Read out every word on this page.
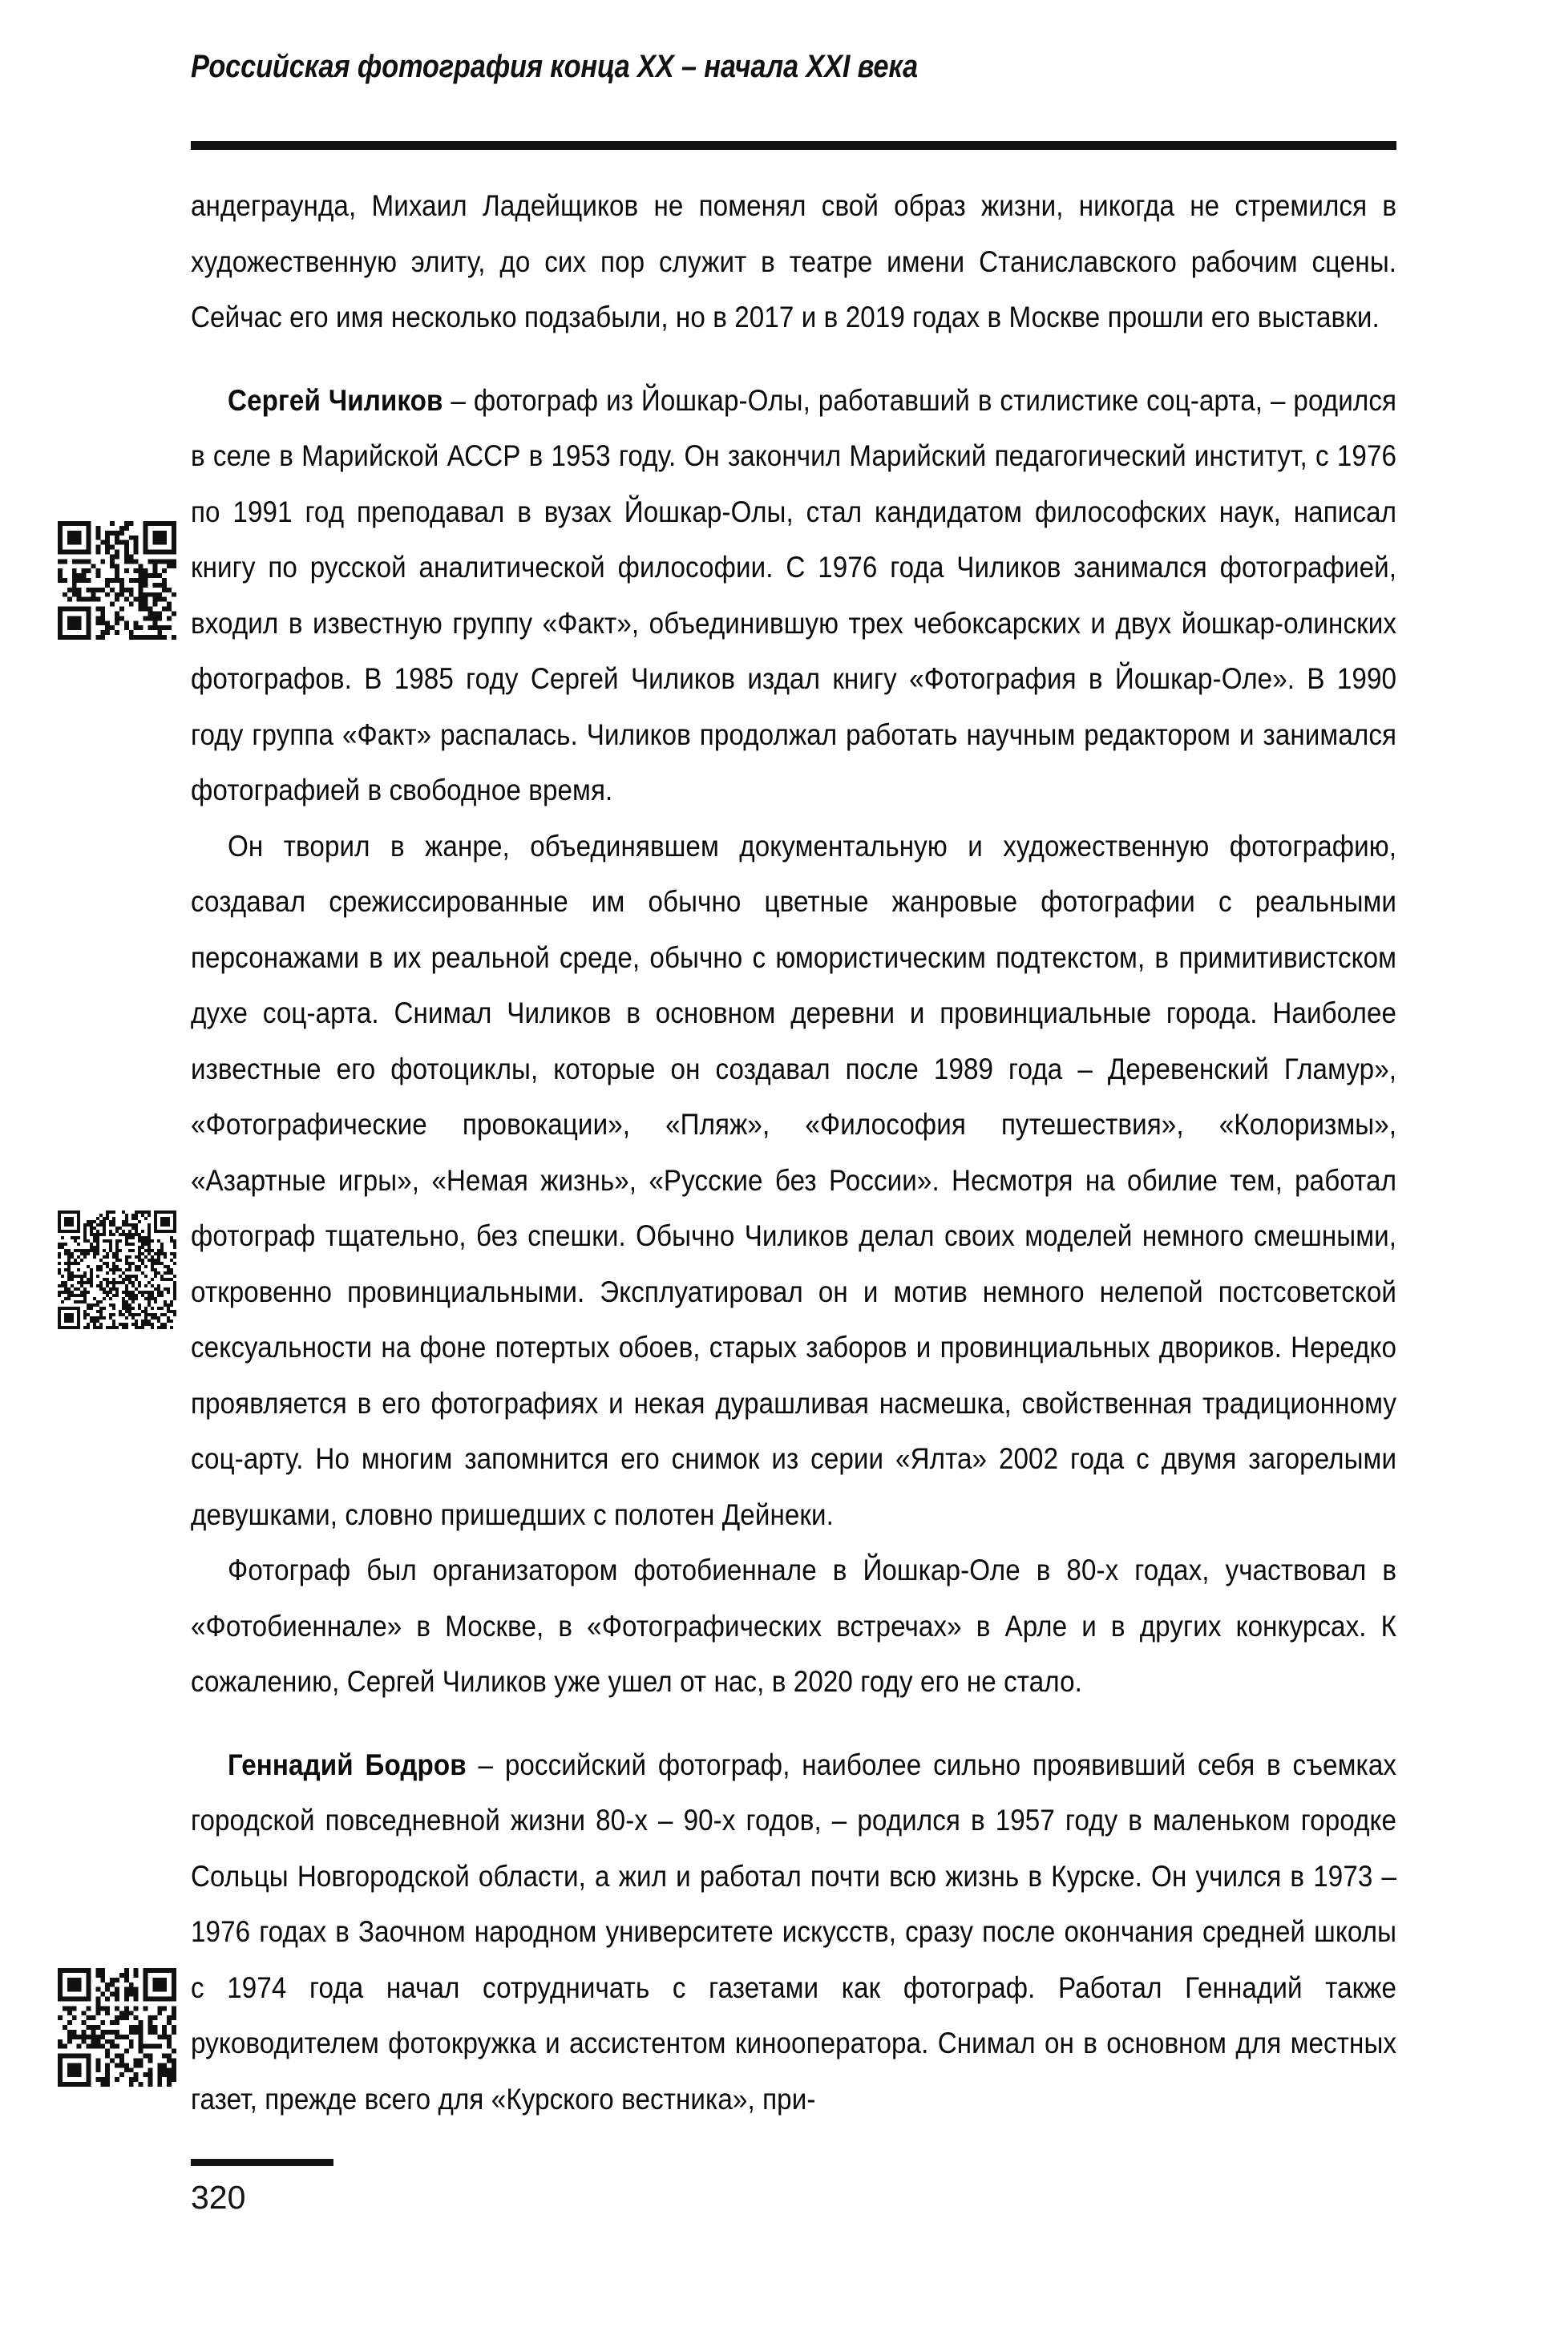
Российская фотография конца XX – начала XXI века

андеграунда, Михаил Ладейщиков не поменял свой образ жизни, никогда не стремился в художественную элиту, до сих пор служит в театре имени Станиславского рабочим сцены. Сейчас его имя несколько подзабыли, но в 2017 и в 2019 годах в Москве прошли его выставки.

Сергей Чиликов – фотограф из Йошкар-Олы, работавший в стилистике соц-арта, – родился в селе в Марийской АССР в 1953 году. Он закончил Марийский педагогический институт, с 1976 по 1991 год преподавал в вузах Йошкар-Олы, стал кандидатом философских наук, написал книгу по русской аналитической философии. С 1976 года Чиликов занимался фотографией, входил в известную группу «Факт», объединившую трех чебоксарских и двух йошкар-олинских фотографов. В 1985 году Сергей Чиликов издал книгу «Фотография в Йошкар-Оле». В 1990 году группа «Факт» распалась. Чиликов продолжал работать научным редактором и занимался фотографией в свободное время.

Он творил в жанре, объединявшем документальную и художественную фотографию, создавал срежиссированные им обычно цветные жанровые фотографии с реальными персонажами в их реальной среде, обычно с юмористическим подтекстом, в примитивистском духе соц-арта. Снимал Чиликов в основном деревни и провинциальные города. Наиболее известные его фотоциклы, которые он создавал после 1989 года – Деревенский Гламур», «Фотографические провокации», «Пляж», «Философия путешествия», «Колоризмы», «Азартные игры», «Немая жизнь», «Русские без России». Несмотря на обилие тем, работал фотограф тщательно, без спешки. Обычно Чиликов делал своих моделей немного смешными, откровенно провинциальными. Эксплуатировал он и мотив немного нелепой постсоветской сексуальности на фоне потертых обоев, старых заборов и провинциальных двориков. Нередко проявляется в его фотографиях и некая дурашливая насмешка, свойственная традиционному соц-арту. Но многим запомнится его снимок из серии «Ялта» 2002 года с двумя загорелыми девушками, словно пришедших с полотен Дейнеки.

Фотограф был организатором фотобиеннале в Йошкар-Оле в 80-х годах, участвовал в «Фотобиеннале» в Москве, в «Фотографических встречах» в Арле и в других конкурсах. К сожалению, Сергей Чиликов уже ушел от нас, в 2020 году его не стало.

Геннадий Бодров – российский фотограф, наиболее сильно проявивший себя в съемках городской повседневной жизни 80-х – 90-х годов, – родился в 1957 году в маленьком городке Сольцы Новгородской области, а жил и работал почти всю жизнь в Курске. Он учился в 1973 – 1976 годах в Заочном народном университете искусств, сразу после окончания средней школы с 1974 года начал сотрудничать с газетами как фотограф. Работал Геннадий также руководителем фотокружка и ассистентом кинооператора. Снимал он в основном для местных газет, прежде всего для «Курского вестника», при-

320
